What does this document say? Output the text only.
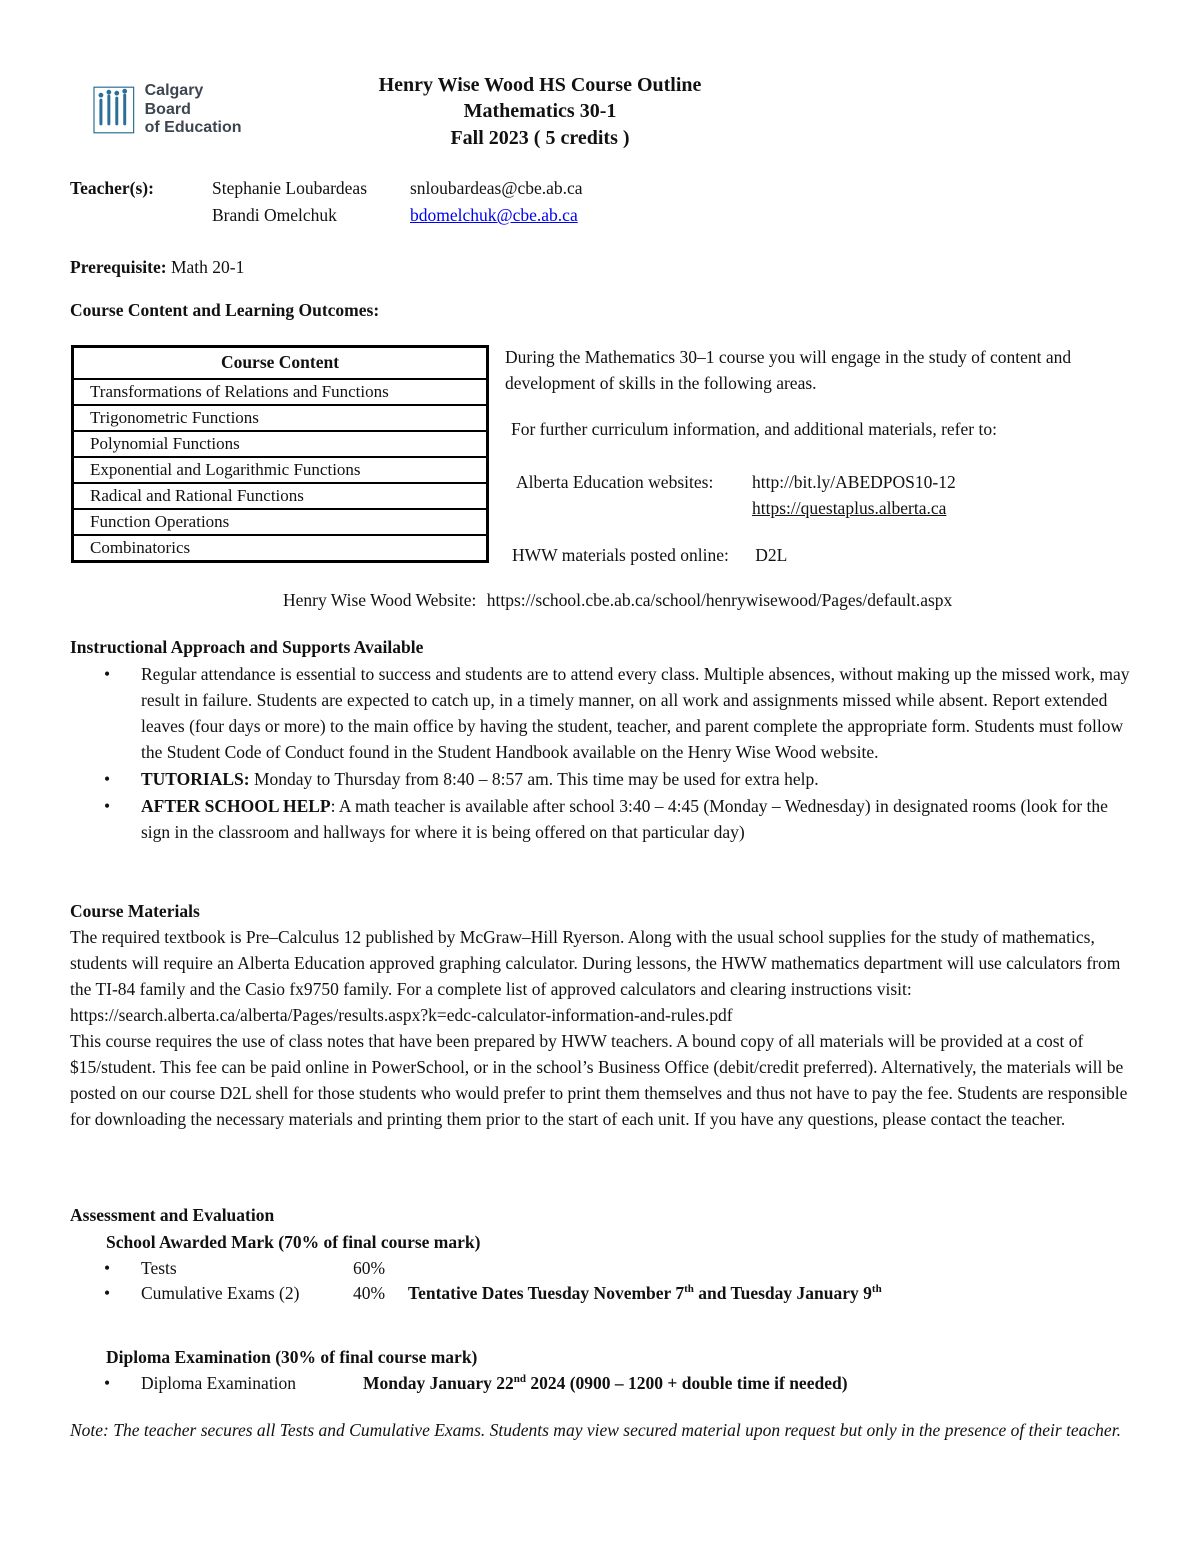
Calgary Board
of Education
Henry Wise Wood HS Course Outline
Mathematics 30-1
Fall 2023 ( 5 credits )
Teacher(s):	Stephanie Loubardeas	snloubardeas@cbe.ab.ca
Brandi Omelchuk	bdomelchuk@cbe.ab.ca
Prerequisite: Math 20-1
Course Content and Learning Outcomes:
Course Content
Transformations of Relations and Functions
Trigonometric Functions
Polynomial Functions
Exponential and Logarithmic Functions
Radical and Rational Functions
Function Operations
Combinatorics

During the Mathematics 30–1 course you will engage in the study of content and development of skills in the following areas.

For further curriculum information, and additional materials, refer to:

Alberta Education websites:	http://bit.ly/ABEDPOS10-12
https://questaplus.alberta.ca
HWW materials posted online: D2L
Henry Wise Wood Website: https://school.cbe.ab.ca/school/henrywisewood/Pages/default.aspx
Instructional Approach and Supports Available
• Regular attendance is essential to success and students are to attend every class. Multiple absences, without making up the missed work, may result in failure. Students are expected to catch up, in a timely manner, on all work and assignments missed while absent. Report extended leaves (four days or more) to the main office by having the student, teacher, and parent complete the appropriate form. Students must follow the Student Code of Conduct found in the Student Handbook available on the Henry Wise Wood website.
• TUTORIALS: Monday to Thursday from 8:40 – 8:57 am. This time may be used for extra help.
• AFTER SCHOOL HELP: A math teacher is available after school 3:40 – 4:45 (Monday – Wednesday) in designated rooms (look for the sign in the classroom and hallways for where it is being offered on that particular day)
Course Materials

The required textbook is Pre–Calculus 12 published by McGraw–Hill Ryerson. Along with the usual school supplies for the study of mathematics, students will require an Alberta Education approved graphing calculator. During lessons, the HWW mathematics department will use calculators from the TI-84 family and the Casio fx9750 family. For a complete list of approved calculators and clearing instructions visit: https://search.alberta.ca/alberta/Pages/results.aspx?k=edc-calculator-information-and-rules.pdf

This course requires the use of class notes that have been prepared by HWW teachers. A bound copy of all materials will be provided at a cost of $15/student. This fee can be paid online in PowerSchool, or in the school’s Business Office (debit/credit preferred). Alternatively, the materials will be posted on our course D2L shell for those students who would prefer to print them themselves and thus not have to pay the fee. Students are responsible for downloading the necessary materials and printing them prior to the start of each unit. If you have any questions, please contact the teacher.

Assessment and Evaluation
School Awarded Mark (70% of final course mark)
• Tests	60%
• Cumulative Exams (2)	40% Tentative Dates Tuesday November 7th and Tuesday January 9th
Diploma Examination (30% of final course mark)
• Diploma Examination	Monday January 22nd 2024 (0900 – 1200 + double time if needed)
Note: The teacher secures all Tests and Cumulative Exams. Students may view secured material upon request but only in the presence of their teacher.
